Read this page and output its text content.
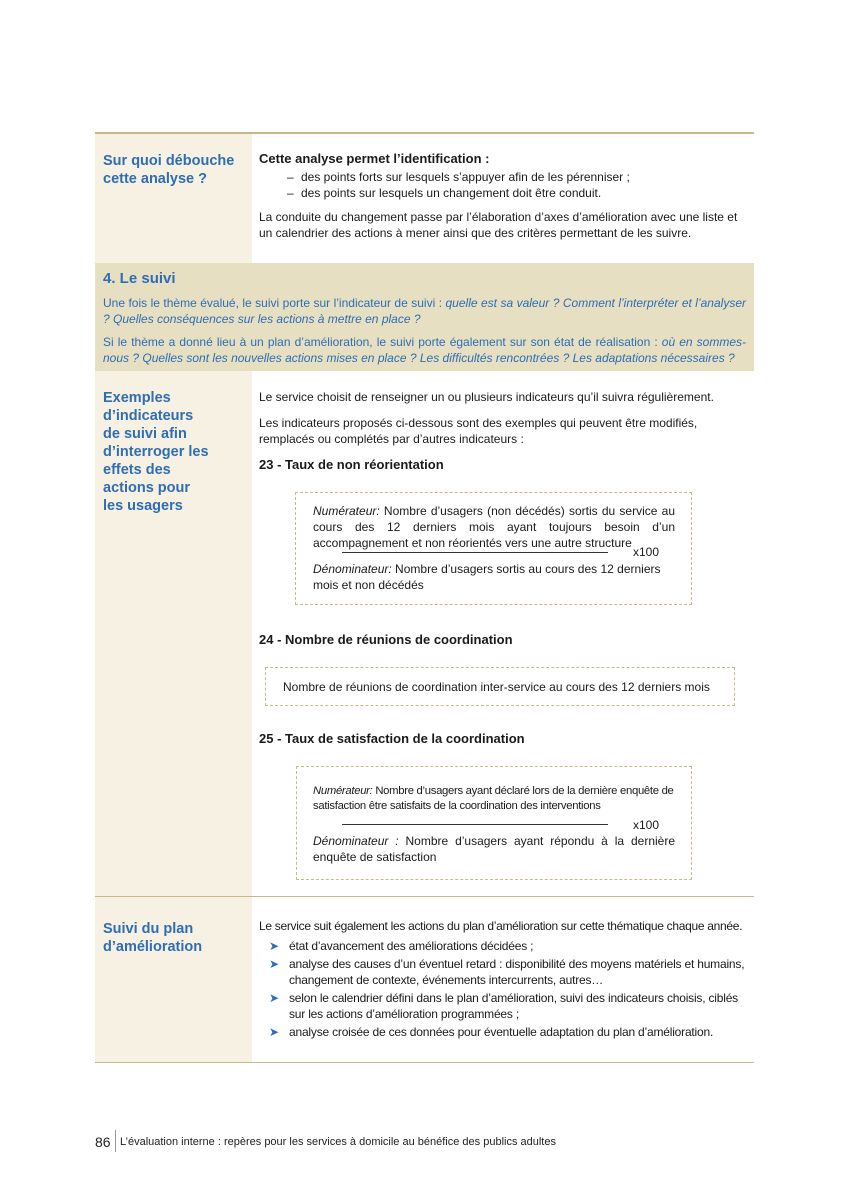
Sur quoi débouche cette analyse ?
Cette analyse permet l’identification :
– des points forts sur lesquels s’appuyer afin de les pérenniser ;
– des points sur lesquels un changement doit être conduit.
La conduite du changement passe par l’élaboration d’axes d’amélioration avec une liste et un calendrier des actions à mener ainsi que des critères permettant de les suivre.
4. Le suivi
Une fois le thème évalué, le suivi porte sur l’indicateur de suivi : quelle est sa valeur ? Comment l’interpréter et l’analyser ? Quelles conséquences sur les actions à mettre en place ?
Si le thème a donné lieu à un plan d’amélioration, le suivi porte également sur son état de réalisation : où en sommes-nous ? Quelles sont les nouvelles actions mises en place ? Les difficultés rencontrées ? Les adaptations nécessaires ?
Exemples d’indicateurs de suivi afin d’interroger les effets des actions pour les usagers
Le service choisit de renseigner un ou plusieurs indicateurs qu’il suivra régulièrement.
Les indicateurs proposés ci-dessous sont des exemples qui peuvent être modifiés, remplacés ou complétés par d’autres indicateurs :
23 - Taux de non réorientation
Numérateur: Nombre d’usagers (non décédés) sortis du service au cours des 12 derniers mois ayant toujours besoin d’un accompagnement et non réorientés vers une autre structure
x100
Dénominateur: Nombre d’usagers sortis au cours des 12 derniers mois et non décédés
24 - Nombre de réunions de coordination
Nombre de réunions de coordination inter-service au cours des 12 derniers mois
25 - Taux de satisfaction de la coordination
Numérateur: Nombre d’usagers ayant déclaré lors de la dernière enquête de satisfaction être satisfaits de la coordination des interventions
x100
Dénominateur : Nombre d’usagers ayant répondu à la dernière enquête de satisfaction
Suivi du plan d’amélioration
Le service suit également les actions du plan d’amélioration sur cette thématique chaque année.
➤ état d’avancement des améliorations décidées ;
➤ analyse des causes d’un éventuel retard : disponibilité des moyens matériels et humains, changement de contexte, événements intercurrents, autres…
➤ selon le calendrier défini dans le plan d’amélioration, suivi des indicateurs choisis, ciblés sur les actions d’amélioration programmées ;
➤ analyse croisée de ces données pour éventuelle adaptation du plan d’amélioration.
86 L’évaluation interne : repères pour les services à domicile au bénéfice des publics adultes
